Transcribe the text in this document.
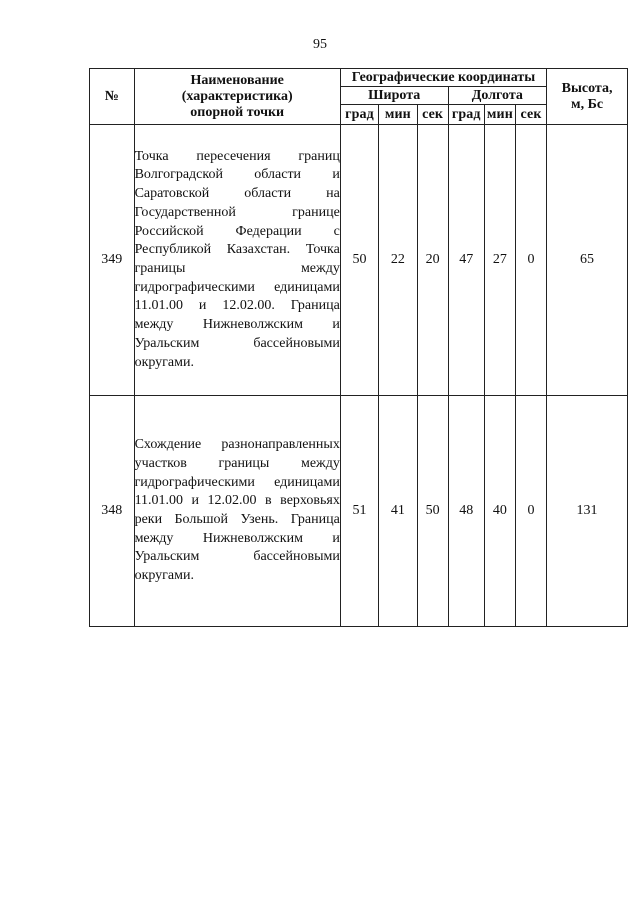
95
№	Наименование
(характеристика)
опорной точки	Географические координаты						Высота,
м, Бс
		Широта			Долгота			
		град	мин	сек	град	мин	сек	
349	Точка пересечения границ Волгоградской области и Саратовской области на Государственной границе Российской Федерации с Республикой Казахстан. Точка границы между гидрографическими единицами 11.01.00 и 12.02.00. Граница между Нижневолжским и Уральским бассейновыми округами.	50	22	20	47	27	0	65
348	Схождение разнонаправленных участков границы между гидрографическими единицами 11.01.00 и 12.02.00 в верховьях реки Большой Узень. Граница между Нижневолжским и Уральским бассейновыми округами.	51	41	50	48	40	0	131
